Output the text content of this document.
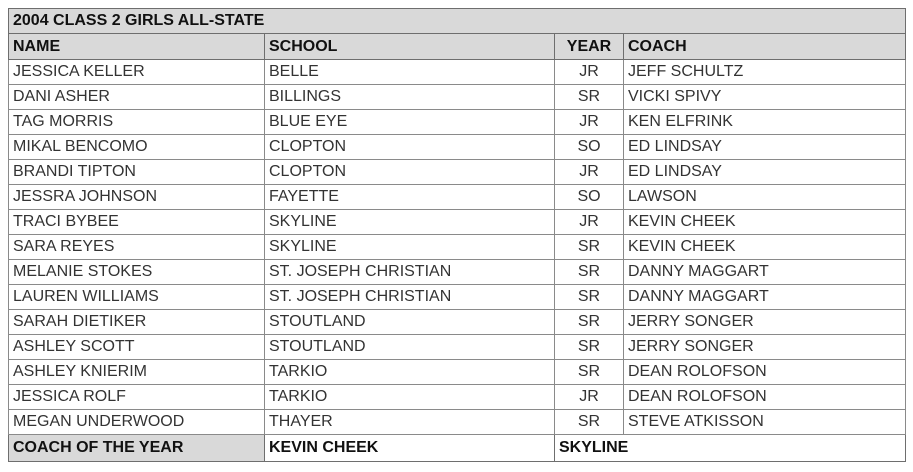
2004 CLASS 2 GIRLS ALL-STATE			
NAME	SCHOOL	YEAR	COACH
JESSICA KELLER	BELLE	JR	JEFF SCHULTZ
DANI ASHER	BILLINGS	SR	VICKI SPIVY
TAG MORRIS	BLUE EYE	JR	KEN ELFRINK
MIKAL BENCOMO	CLOPTON	SO	ED LINDSAY
BRANDI TIPTON	CLOPTON	JR	ED LINDSAY
JESSRA JOHNSON	FAYETTE	SO	LAWSON
TRACI BYBEE	SKYLINE	JR	KEVIN CHEEK
SARA REYES	SKYLINE	SR	KEVIN CHEEK
MELANIE STOKES	ST. JOSEPH CHRISTIAN	SR	DANNY MAGGART
LAUREN WILLIAMS	ST. JOSEPH CHRISTIAN	SR	DANNY MAGGART
SARAH DIETIKER	STOUTLAND	SR	JERRY SONGER
ASHLEY SCOTT	STOUTLAND	SR	JERRY SONGER
ASHLEY KNIERIM	TARKIO	SR	DEAN ROLOFSON
JESSICA ROLF	TARKIO	JR	DEAN ROLOFSON
MEGAN UNDERWOOD	THAYER	SR	STEVE ATKISSON
COACH OF THE YEAR	KEVIN CHEEK	SKYLINE	
